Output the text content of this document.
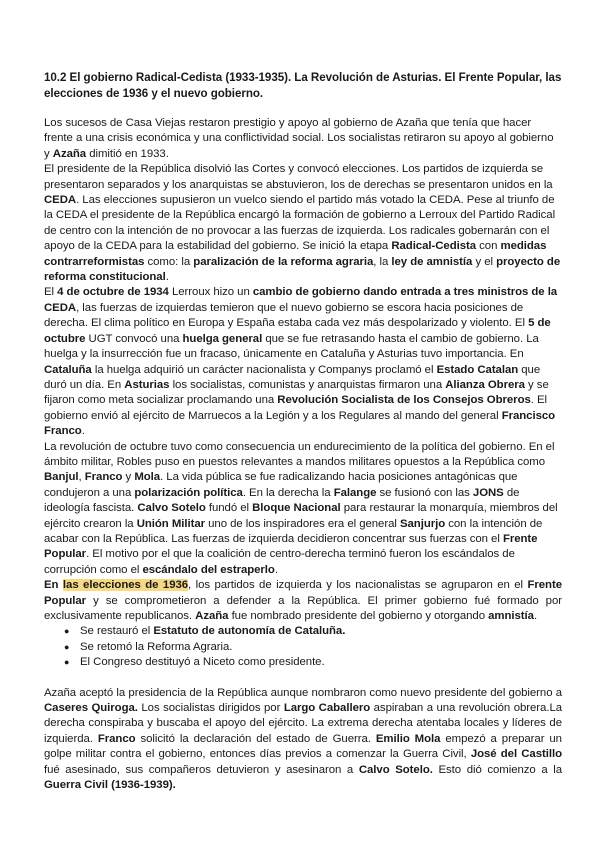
10.2 El gobierno Radical-Cedista (1933-1935). La Revolución de Asturias. El Frente Popular, las elecciones de 1936 y el nuevo gobierno.

Los sucesos de Casa Viejas restaron prestigio y apoyo al gobierno de Azaña que tenía que hacer frente a una crisis económica y una conflictividad social. Los socialistas retiraron su apoyo al gobierno y Azaña dimitió en 1933.

El presidente de la República disolvió las Cortes y convocó elecciones. Los partidos de izquierda se presentaron separados y los anarquistas se abstuvieron, los de derechas se presentaron unidos en la CEDA. Las elecciones supusieron un vuelco siendo el partido más votado la CEDA. Pese al triunfo de la CEDA el presidente de la República encargó la formación de gobierno a Lerroux del Partido Radical de centro con la intención de no provocar a las fuerzas de izquierda. Los radicales gobernarán con el apoyo de la CEDA para la estabilidad del gobierno. Se inició la etapa Radical-Cedista con medidas contrarreformistas como: la paralización de la reforma agraria, la ley de amnistía y el proyecto de reforma constitucional.

El 4 de octubre de 1934 Lerroux hizo un cambio de gobierno dando entrada a tres ministros de la CEDA, las fuerzas de izquierdas temieron que el nuevo gobierno se escora hacia posiciones de derecha. El clima político en Europa y España estaba cada vez más despolarizado y violento. El 5 de octubre UGT convocó una huelga general que se fue retrasando hasta el cambio de gobierno. La huelga y la insurrección fue un fracaso, únicamente en Cataluña y Asturias tuvo importancia. En Cataluña la huelga adquirió un carácter nacionalista y Companys proclamó el Estado Catalan que duró un día. En Asturias los socialistas, comunistas y anarquistas firmaron una Alianza Obrera y se fijaron como meta socializar proclamando una Revolución Socialista de los Consejos Obreros. El gobierno envió al ejército de Marruecos a la Legión y a los Regulares al mando del general Francisco Franco.

La revolución de octubre tuvo como consecuencia un endurecimiento de la política del gobierno. En el ámbito militar, Robles puso en puestos relevantes a mandos militares opuestos a la República como Banjul, Franco y Mola. La vida pública se fue radicalizando hacia posiciones antagónicas que condujeron a una polarización política. En la derecha la Falange se fusionó con las JONS de ideología fascista. Calvo Sotelo fundó el Bloque Nacional para restaurar la monarquía, miembros del ejército crearon la Unión Militar uno de los inspiradores era el general Sanjurjo con la intención de acabar con la República. Las fuerzas de izquierda decidieron concentrar sus fuerzas con el Frente Popular. El motivo por el que la coalición de centro-derecha terminó fueron los escándalos de corrupción como el escándalo del estraperlo.

En las elecciones de 1936, los partidos de izquierda y los nacionalistas se agruparon en el Frente Popular y se comprometieron a defender a la República. El primer gobierno fué formado por exclusivamente republicanos. Azaña fue nombrado presidente del gobierno y otorgando amnistía.

● Se restauró el Estatuto de autonomía de Cataluña.
● Se retomó la Reforma Agraria.
● El Congreso destituyó a Niceto como presidente.

Azaña aceptó la presidencia de la República aunque nombraron como nuevo presidente del gobierno a Caseres Quiroga. Los socialistas dirigidos por Largo Caballero aspiraban a una revolución obrera.La derecha conspiraba y buscaba el apoyo del ejército. La extrema derecha atentaba locales y líderes de izquierda. Franco solicitó la declaración del estado de Guerra. Emilio Mola empezó a preparar un golpe militar contra el gobierno, entonces días previos a comenzar la Guerra Civil, José del Castillo fué asesinado, sus compañeros detuvieron y asesinaron a Calvo Sotelo. Esto dió comienzo a la Guerra Civil (1936-1939).
